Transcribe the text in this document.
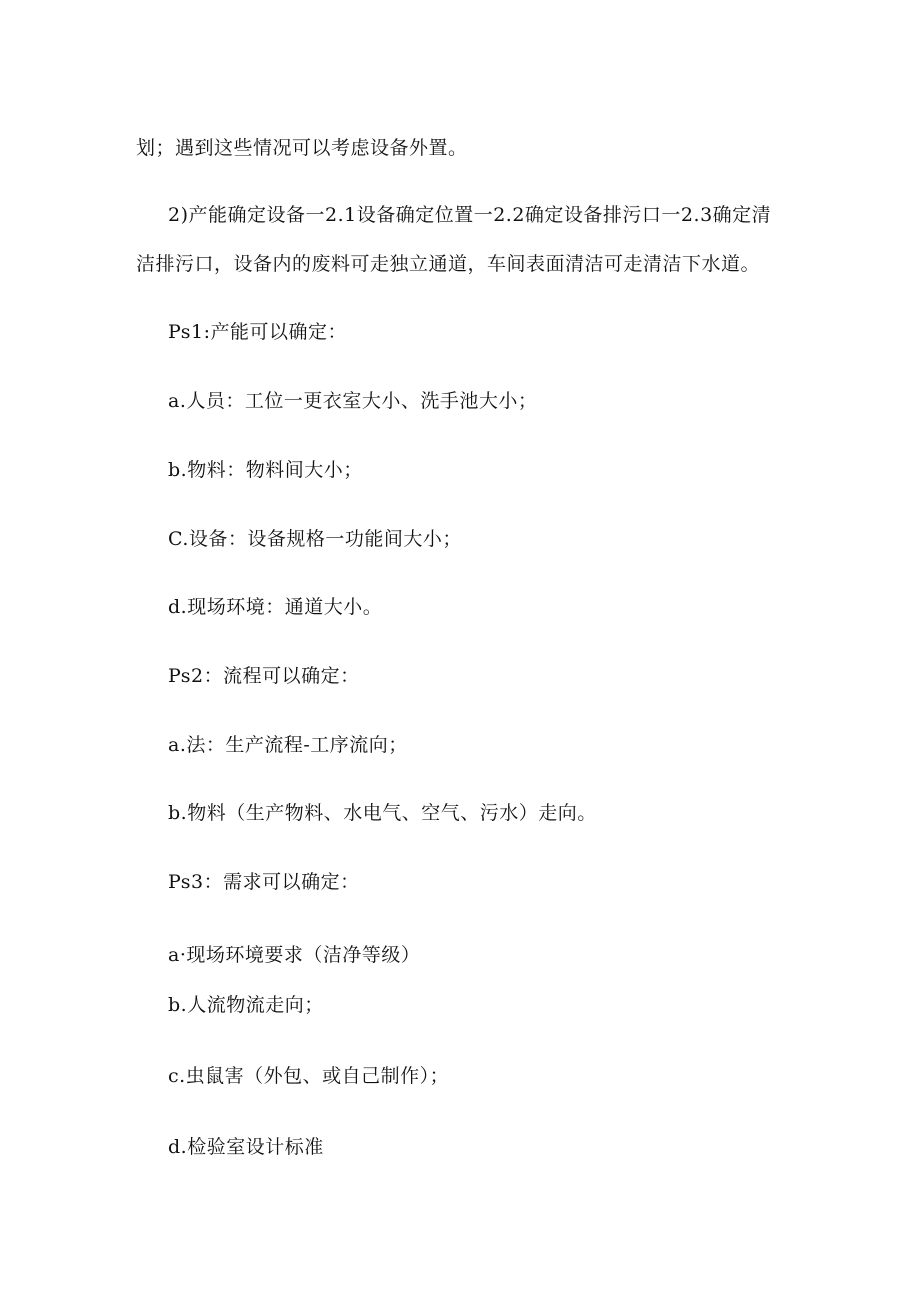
划；遇到这些情况可以考虑设备外置。
2)产能确定设备一2.1设备确定位置一2.2确定设备排污口一2.3确定清
洁排污口，设备内的废料可走独立通道，车间表面清洁可走清洁下水道。
Ps1:产能可以确定：
a.人员：工位一更衣室大小、洗手池大小；
b.物料：物料间大小；
C.设备：设备规格一功能间大小；
d.现场环境：通道大小。
Ps2：流程可以确定：
a.法：生产流程-工序流向；
b.物料（生产物料、水电气、空气、污水）走向。
Ps3：需求可以确定：
a·现场环境要求（洁净等级）
b.人流物流走向；
c.虫鼠害（外包、或自己制作）；
d.检验室设计标准
